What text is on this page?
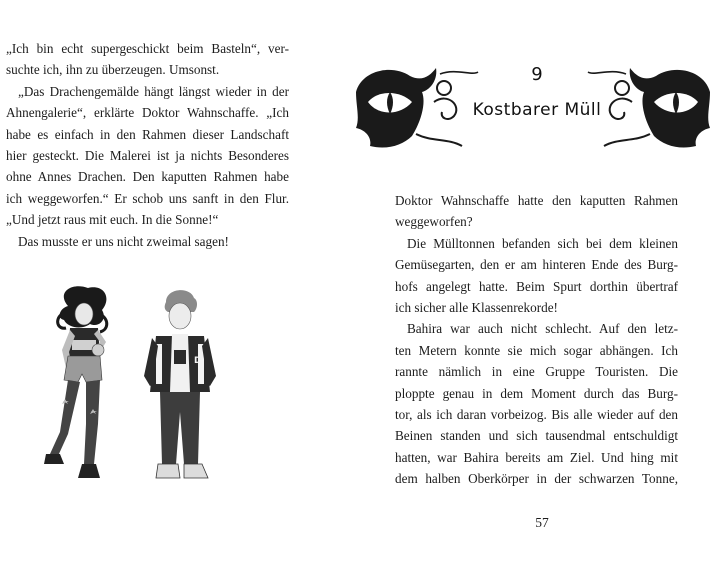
„Ich bin echt supergeschickt beim Basteln“, ver-
suchte ich, ihn zu überzeugen. Umsonst.
„Das Drachengemälde hängt längst wieder in der
Ahnengalerie“, erklärte Doktor Wahnschaffe. „Ich
habe es einfach in den Rahmen dieser Landschaft
hier gesteckt. Die Malerei ist ja nichts Besonderes
ohne Annes Drachen. Den kaputten Rahmen habe
ich weggeworfen.“ Er schob uns sanft in den Flur.
„Und jetzt raus mit euch. In die Sonne!“
Das musste er uns nicht zweimal sagen!
D
9
Kostbarer Müll
Doktor Wahnschaffe hatte den kaputten Rahmen
weggeworfen?
Die Mülltonnen befanden sich bei dem kleinen
Gemüsegarten, den er am hinteren Ende des Burg-
hofs angelegt hatte. Beim Spurt dorthin übertraf
ich sicher alle Klassenrekorde!
Bahira war auch nicht schlecht. Auf den letz-
ten Metern konnte sie mich sogar abhängen. Ich
rannte nämlich in eine Gruppe Touristen. Die
ploppte genau in dem Moment durch das Burg-
tor, als ich daran vorbeizog. Bis alle wieder auf den
Beinen standen und sich tausendmal entschuldigt
hatten, war Bahira bereits am Ziel. Und hing mit
dem halben Oberkörper in der schwarzen Tonne,
57
